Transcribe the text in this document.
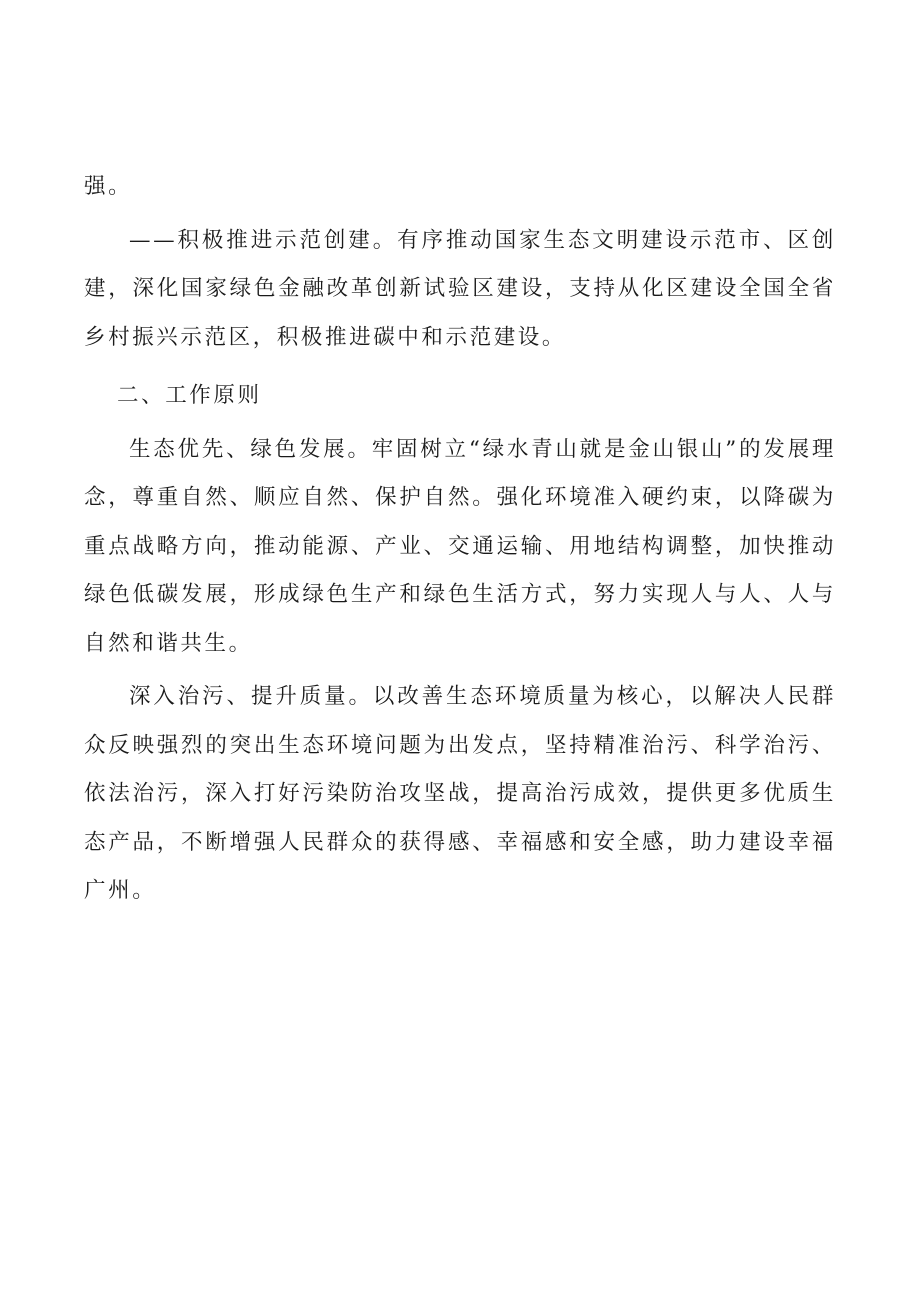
强。

——积极推进示范创建。有序推动国家生态文明建设示范市、区创建，深化国家绿色金融改革创新试验区建设，支持从化区建设全国全省乡村振兴示范区，积极推进碳中和示范建设。

二、工作原则

生态优先、绿色发展。牢固树立“绿水青山就是金山银山”的发展理念，尊重自然、顺应自然、保护自然。强化环境准入硬约束，以降碳为重点战略方向，推动能源、产业、交通运输、用地结构调整，加快推动绿色低碳发展，形成绿色生产和绿色生活方式，努力实现人与人、人与自然和谐共生。

深入治污、提升质量。以改善生态环境质量为核心，以解决人民群众反映强烈的突出生态环境问题为出发点，坚持精准治污、科学治污、依法治污，深入打好污染防治攻坚战，提高治污成效，提供更多优质生态产品，不断增强人民群众的获得感、幸福感和安全感，助力建设幸福广州。
